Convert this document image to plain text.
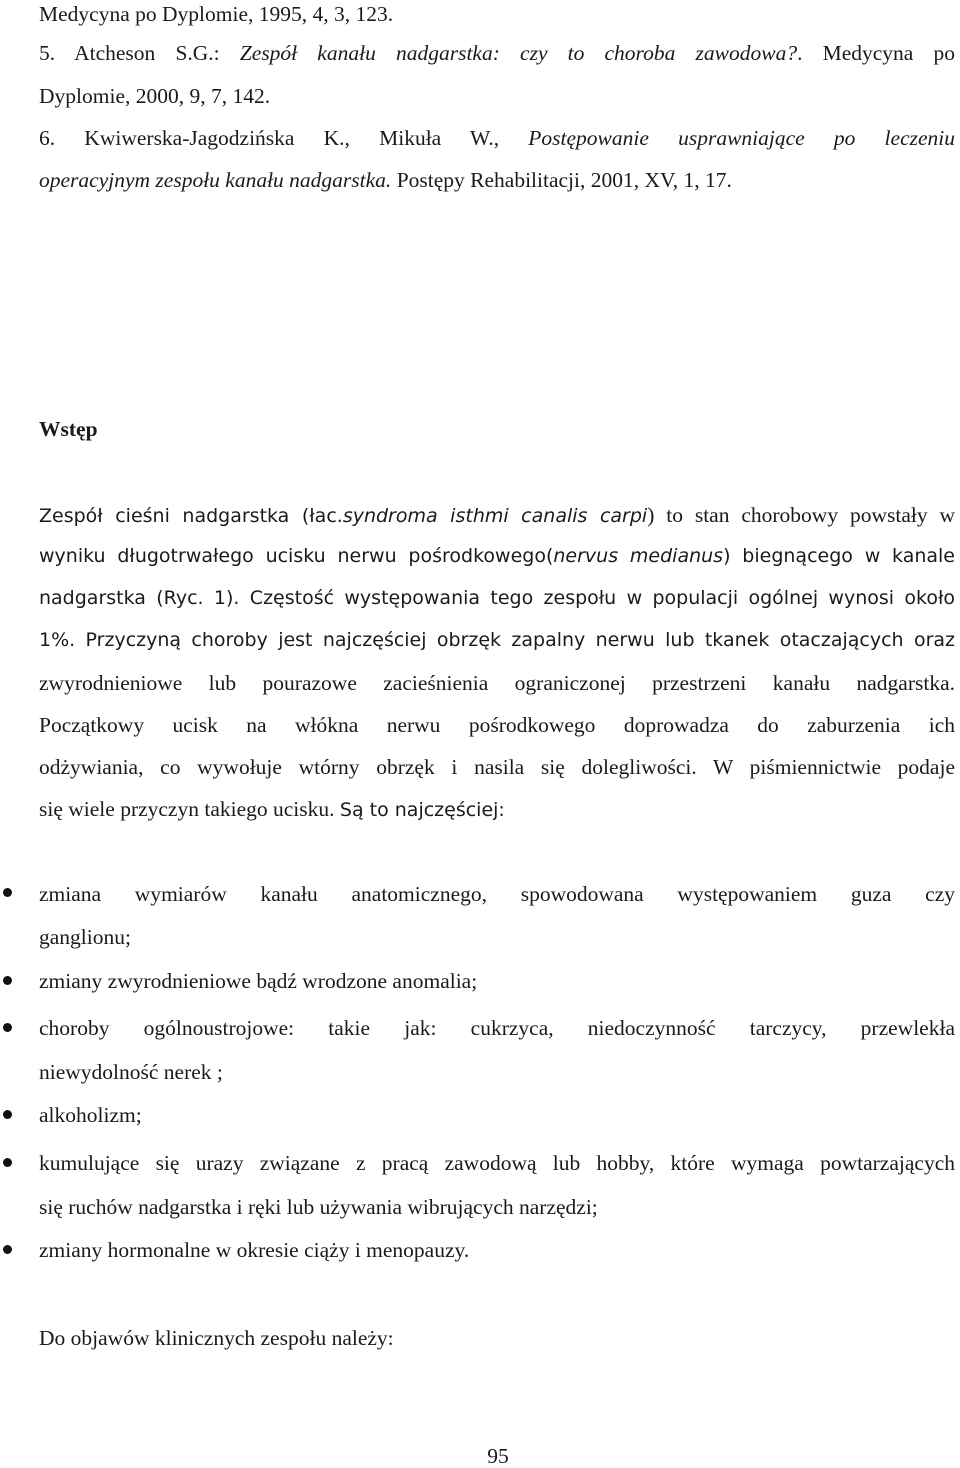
Medycyna po Dyplomie, 1995, 4, 3, 123.
5. Atcheson S.G.: Zespół kanału nadgarstka: czy to choroba zawodowa?. Medycyna po
Dyplomie, 2000, 9, 7, 142.
6. Kwiwerska-Jagodzińska K., Mikuła W., Postępowanie usprawniające po leczeniu
operacyjnym zespołu kanału nadgarstka. Postępy Rehabilitacji, 2001, XV, 1, 17.
Wstęp
Zespół cieśni nadgarstka (łac.syndroma isthmi canalis carpi) to stan chorobowy powstały w
wyniku długotrwałego ucisku nerwu pośrodkowego(nervus medianus) biegnącego w kanale
nadgarstka (Ryc. 1). Częstość występowania tego zespołu w populacji ogólnej wynosi około
1%. Przyczyną choroby jest najczęściej obrzęk zapalny nerwu lub tkanek otaczających oraz
zwyrodnieniowe lub pourazowe zacieśnienia ograniczonej przestrzeni kanału nadgarstka.
Początkowy ucisk na włókna nerwu pośrodkowego doprowadza do zaburzenia ich
odżywiania, co wywołuje wtórny obrzęk i nasila się dolegliwości. W piśmiennictwie podaje
się wiele przyczyn takiego ucisku. Są to najczęściej:
zmiana wymiarów kanału anatomicznego, spowodowana występowaniem guza czy
ganglionu;
zmiany zwyrodnieniowe bądź wrodzone anomalia;
choroby ogólnoustrojowe: takie jak: cukrzyca, niedoczynność tarczycy, przewlekła
niewydolność nerek ;
alkoholizm;
kumulujące się urazy związane z pracą zawodową lub hobby, które wymaga powtarzających
się ruchów nadgarstka i ręki lub używania wibrujących narzędzi;
zmiany hormonalne w okresie ciąży i menopauzy.
Do objawów klinicznych zespołu należy:
95
